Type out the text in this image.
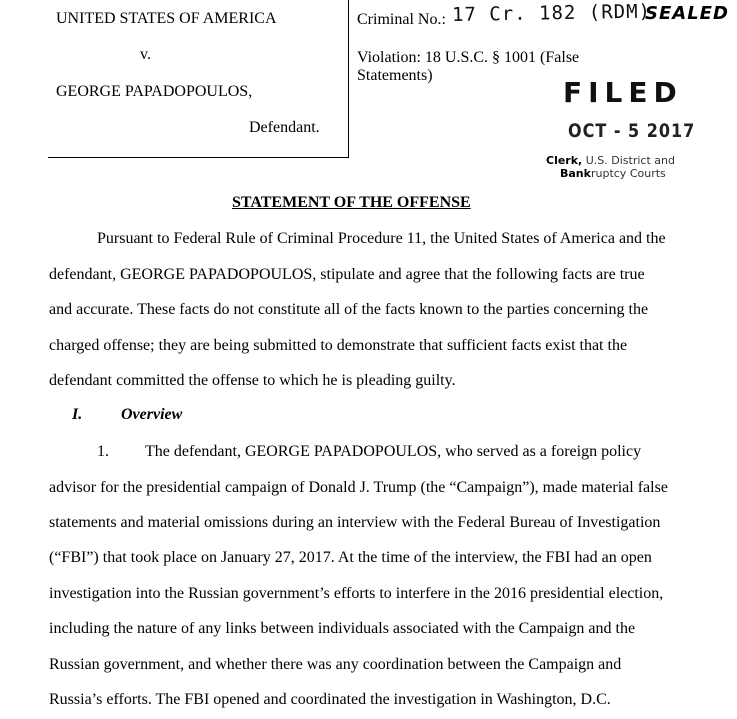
UNITED STATES OF AMERICA
v.
GEORGE PAPADOPOULOS,
Defendant.
Criminal No.: 17 Cr. 182 (RDM)
SEALED
Violation: 18 U.S.C. § 1001 (False
Statements)
FILED
OCT - 5 2017
Clerk, U.S. District and
Bankruptcy Courts
STATEMENT OF THE OFFENSE
Pursuant to Federal Rule of Criminal Procedure 11, the United States of America and the
defendant, GEORGE PAPADOPOULOS, stipulate and agree that the following facts are true
and accurate. These facts do not constitute all of the facts known to the parties concerning the
charged offense; they are being submitted to demonstrate that sufficient facts exist that the
defendant committed the offense to which he is pleading guilty.
I. Overview
1. The defendant, GEORGE PAPADOPOULOS, who served as a foreign policy
advisor for the presidential campaign of Donald J. Trump (the “Campaign”), made material false
statements and material omissions during an interview with the Federal Bureau of Investigation
(“FBI”) that took place on January 27, 2017. At the time of the interview, the FBI had an open
investigation into the Russian government’s efforts to interfere in the 2016 presidential election,
including the nature of any links between individuals associated with the Campaign and the
Russian government, and whether there was any coordination between the Campaign and
Russia’s efforts. The FBI opened and coordinated the investigation in Washington, D.C.
